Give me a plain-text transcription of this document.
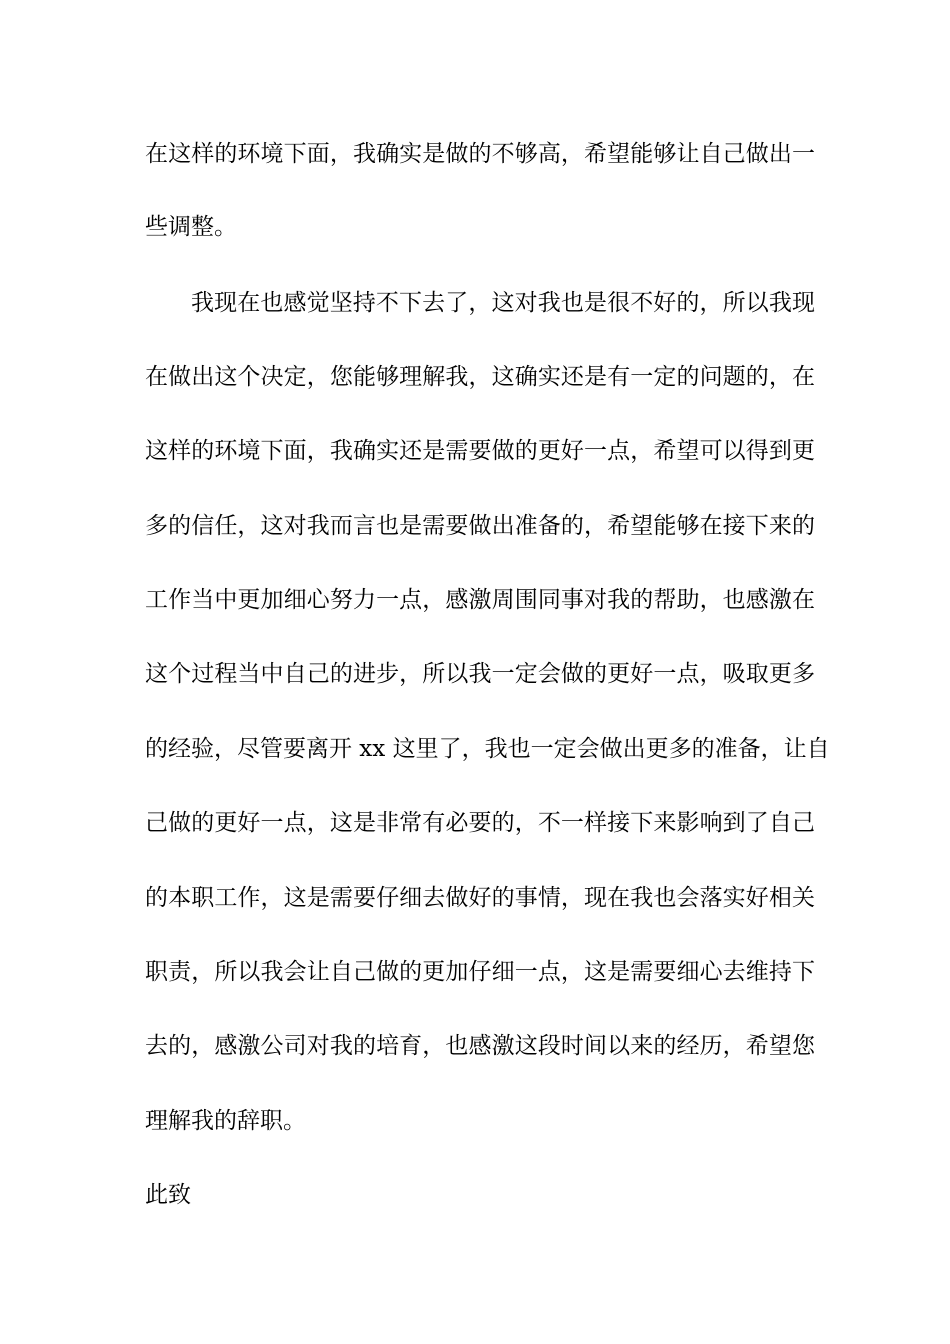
在这样的环境下面，我确实是做的不够高，希望能够让自己做出一
些调整。
我现在也感觉坚持不下去了，这对我也是很不好的，所以我现
在做出这个决定，您能够理解我，这确实还是有一定的问题的，在
这样的环境下面，我确实还是需要做的更好一点，希望可以得到更
多的信任，这对我而言也是需要做出准备的，希望能够在接下来的
工作当中更加细心努力一点，感激周围同事对我的帮助，也感激在
这个过程当中自己的进步，所以我一定会做的更好一点，吸取更多
的经验，尽管要离开 xx 这里了，我也一定会做出更多的准备，让自
己做的更好一点，这是非常有必要的，不一样接下来影响到了自己
的本职工作，这是需要仔细去做好的事情，现在我也会落实好相关
职责，所以我会让自己做的更加仔细一点，这是需要细心去维持下
去的，感激公司对我的培育，也感激这段时间以来的经历，希望您
理解我的辞职。
此致
